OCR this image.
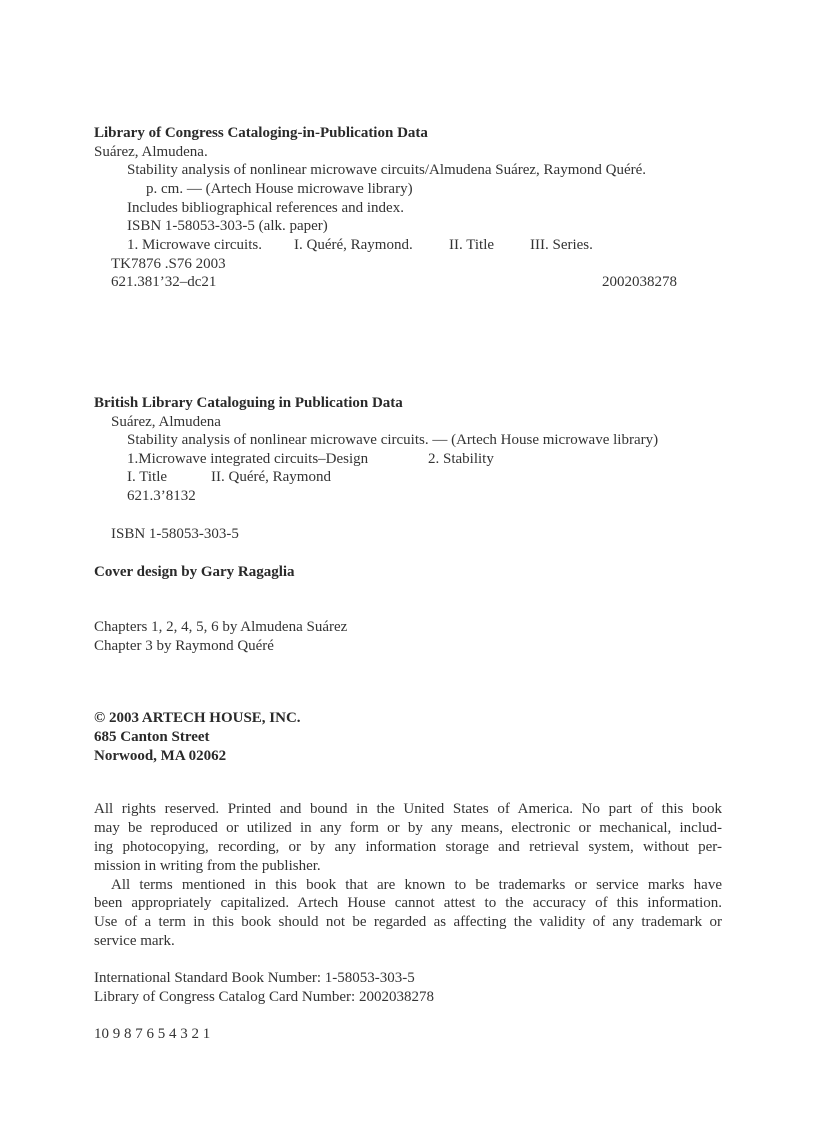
Library of Congress Cataloging-in-Publication Data

Suárez, Almudena.

Stability analysis of nonlinear microwave circuits/Almudena Suárez, Raymond Quéré.

p. cm. — (Artech House microwave library)

Includes bibliographical references and index.

ISBN 1-58053-303-5 (alk. paper)

1. Microwave circuits. I. Quéré, Raymond. II. Title III. Series.

TK7876 .S76 2003

621.381’32–dc21	2002038278

British Library Cataloguing in Publication Data

Suárez, Almudena

Stability analysis of nonlinear microwave circuits. — (Artech House microwave library)

1.Microwave integrated circuits–Design	2. Stability
I. Title	II. Quéré, Raymond

621.3’8132

ISBN 1-58053-303-5

Cover design by Gary Ragaglia

Chapters 1, 2, 4, 5, 6 by Almudena Suárez

Chapter 3 by Raymond Quéré

© 2003 ARTECH HOUSE, INC.

685 Canton Street

Norwood, MA 02062

All rights reserved. Printed and bound in the United States of America. No part of this book

may be reproduced or utilized in any form or by any means, electronic or mechanical, includ-

ing photocopying, recording, or by any information storage and retrieval system, without per-

mission in writing from the publisher.

All terms mentioned in this book that are known to be trademarks or service marks have

been appropriately capitalized. Artech House cannot attest to the accuracy of this information.

Use of a term in this book should not be regarded as affecting the validity of any trademark or

service mark.

International Standard Book Number: 1-58053-303-5

Library of Congress Catalog Card Number: 2002038278

10 9 8 7 6 5 4 3 2 1
